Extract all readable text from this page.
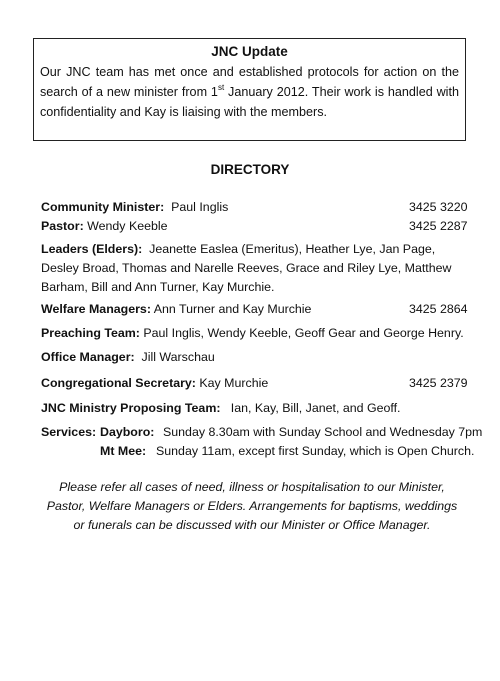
JNC Update
Our JNC team has met once and established protocols for action on the search of a new minister from 1st January 2012. Their work is handled with confidentiality and Kay is liaising with the members.
DIRECTORY
Community Minister: Paul Inglis	3425 3220
Pastor: Wendy Keeble	3425 2287
Leaders (Elders): Jeanette Easlea (Emeritus), Heather Lye, Jan Page, Desley Broad, Thomas and Narelle Reeves, Grace and Riley Lye, Matthew Barham, Bill and Ann Turner, Kay Murchie.
Welfare Managers: Ann Turner and Kay Murchie	3425 2864
Preaching Team: Paul Inglis, Wendy Keeble, Geoff Gear and George Henry.
Office Manager: Jill Warschau
Congregational Secretary: Kay Murchie	3425 2379
JNC Ministry Proposing Team: Ian, Kay, Bill, Janet, and Geoff.
Services: Dayboro: Sunday 8.30am with Sunday School and Wednesday 7pm
Mt Mee: Sunday 11am, except first Sunday, which is Open Church.
Please refer all cases of need, illness or hospitalisation to our Minister, Pastor, Welfare Managers or Elders. Arrangements for baptisms, weddings or funerals can be discussed with our Minister or Office Manager.
